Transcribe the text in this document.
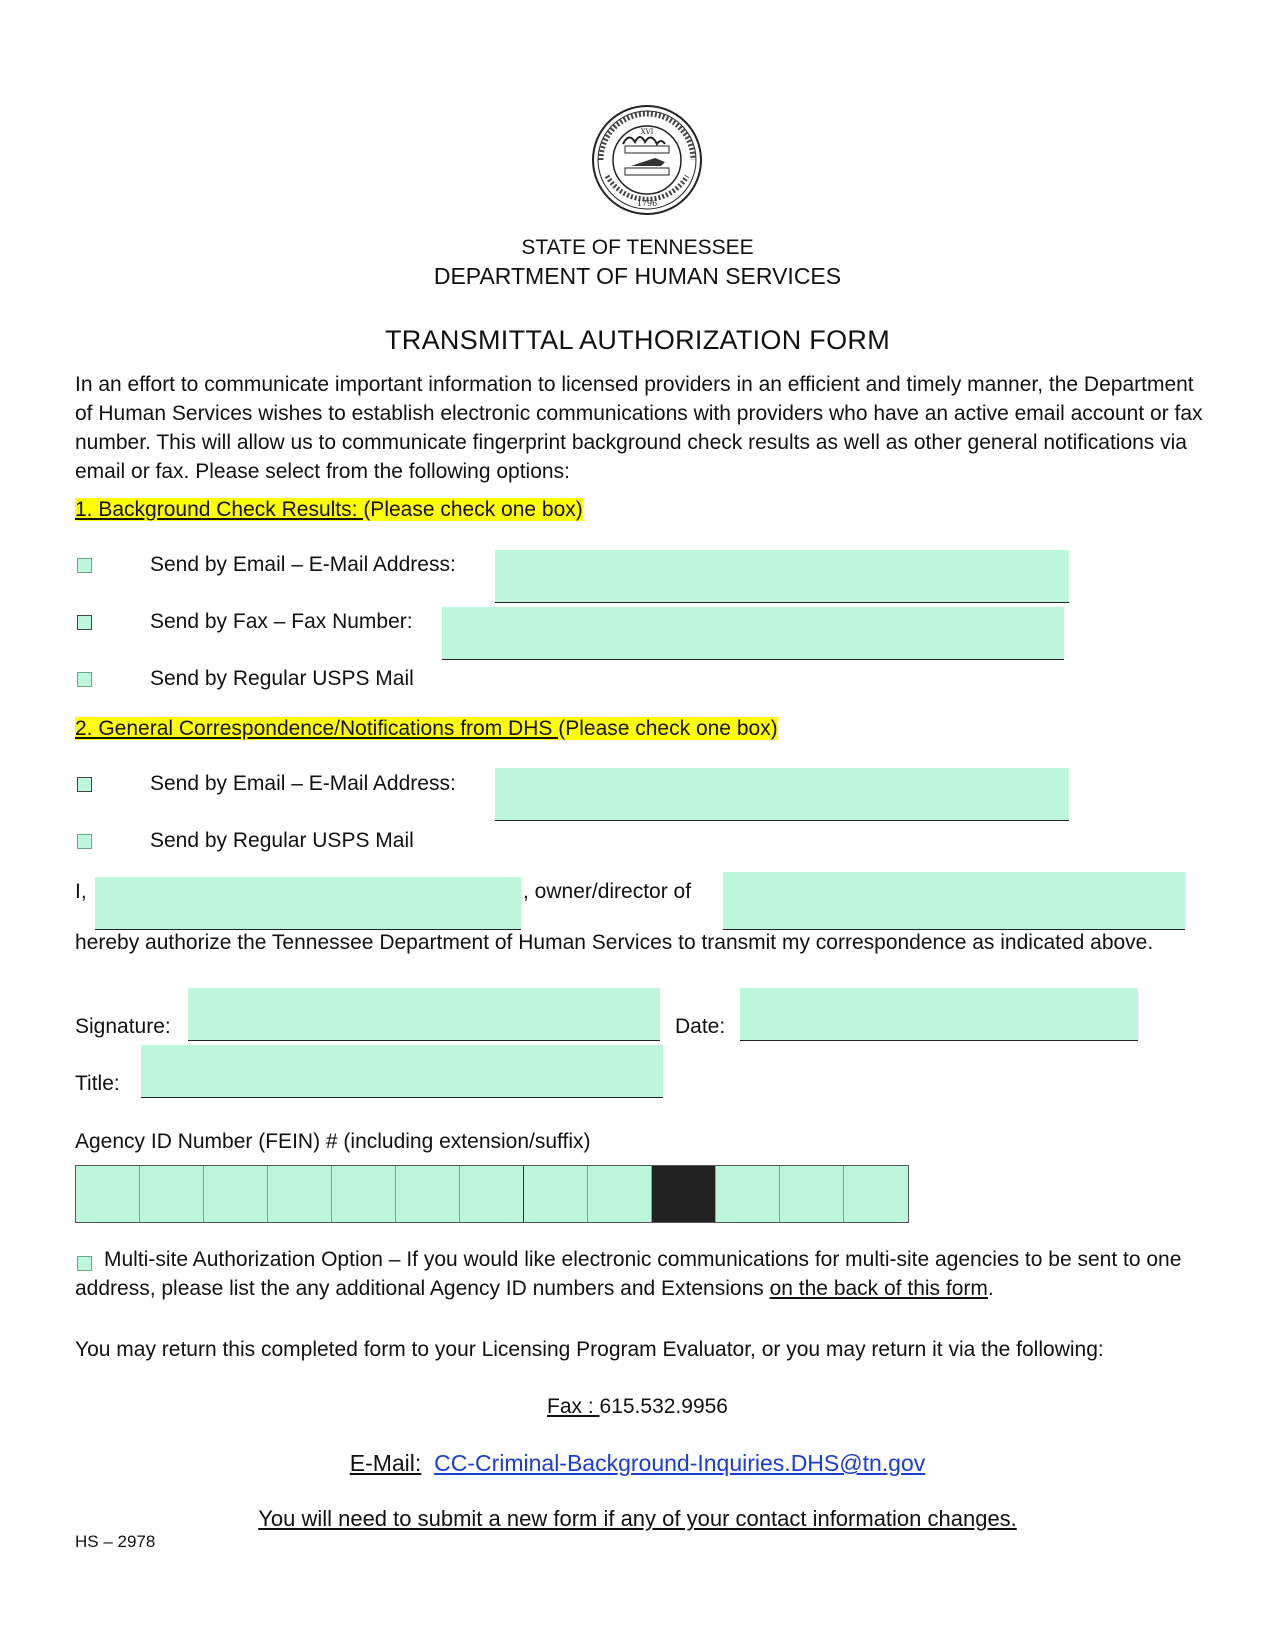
1796
XVI
STATE OF TENNESSEE
DEPARTMENT OF HUMAN SERVICES
TRANSMITTAL AUTHORIZATION FORM
In an effort to communicate important information to licensed providers in an efficient and timely manner, the Department of Human Services wishes to establish electronic communications with providers who have an active email account or fax number. This will allow us to communicate fingerprint background check results as well as other general notifications via email or fax. Please select from the following options:
1. Background Check Results: (Please check one box)
Send by Email – E-Mail Address:
Send by Fax – Fax Number:
Send by Regular USPS Mail
2. General Correspondence/Notifications from DHS (Please check one box)
Send by Email – E-Mail Address:
Send by Regular USPS Mail
I,	, owner/director of
hereby authorize the Tennessee Department of Human Services to transmit my correspondence as indicated above.
Signature:	Date:
Title:
Agency ID Number (FEIN) # (including extension/suffix)
Multi-site Authorization Option – If you would like electronic communications for multi-site agencies to be sent to one address, please list the any additional Agency ID numbers and Extensions on the back of this form.
You may return this completed form to your Licensing Program Evaluator, or you may return it via the following:
Fax : 615.532.9956
E-Mail: CC-Criminal-Background-Inquiries.DHS@tn.gov
You will need to submit a new form if any of your contact information changes.
HS – 2978
